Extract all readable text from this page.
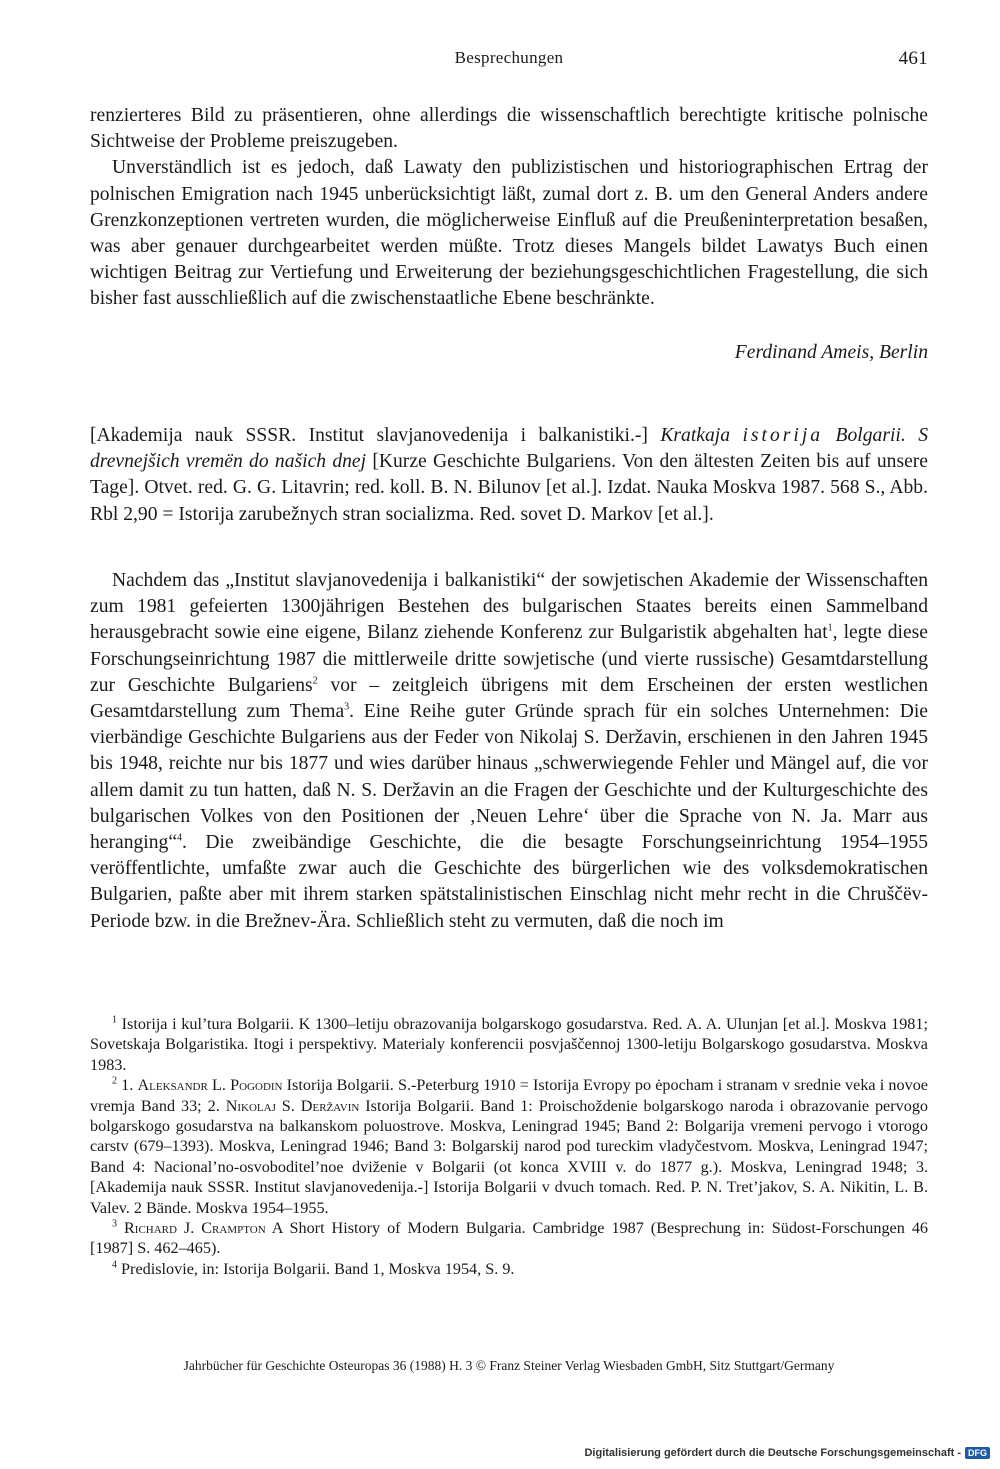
Besprechungen	461

renzierteres Bild zu präsentieren, ohne allerdings die wissenschaftlich berechtigte kritische polnische Sichtweise der Probleme preiszugeben.

Unverständlich ist es jedoch, daß Lawaty den publizistischen und historiographischen Ertrag der polnischen Emigration nach 1945 unberücksichtigt läßt, zumal dort z. B. um den General Anders andere Grenzkonzeptionen vertreten wurden, die möglicherweise Einfluß auf die Preußeninterpretation besaßen, was aber genauer durchgearbeitet werden müßte. Trotz dieses Mangels bildet Lawatys Buch einen wichtigen Beitrag zur Vertiefung und Erweiterung der beziehungsgeschichtlichen Fragestellung, die sich bisher fast ausschließlich auf die zwischenstaatliche Ebene beschränkte.

Ferdinand Ameis, Berlin

[Akademija nauk SSSR. Institut slavjanovedenija i balkanistiki.-] Kratkaja istorija Bolgarii. S drevnejšich vremën do našich dnej [Kurze Geschichte Bulgariens. Von den ältesten Zeiten bis auf unsere Tage]. Otvet. red. G. G. Litavrin; red. koll. B. N. Bilunov [et al.]. Izdat. Nauka Moskva 1987. 568 S., Abb. Rbl 2,90 = Istorija zarubežnych stran socializma. Red. sovet D. Markov [et al.].

Nachdem das „Institut slavjanovedenija i balkanistiki“ der sowjetischen Akademie der Wissenschaften zum 1981 gefeierten 1300jährigen Bestehen des bulgarischen Staates bereits einen Sammelband herausgebracht sowie eine eigene, Bilanz ziehende Konferenz zur Bulgaristik abgehalten hat$^1$, legte diese Forschungseinrichtung 1987 die mittlerweile dritte sowjetische (und vierte russische) Gesamtdarstellung zur Geschichte Bulgariens$^2$ vor – zeitgleich übrigens mit dem Erscheinen der ersten westlichen Gesamtdarstellung zum Thema$^3$. Eine Reihe guter Gründe sprach für ein solches Unternehmen: Die vierbändige Geschichte Bulgariens aus der Feder von Nikolaj S. Deržavin, erschienen in den Jahren 1945 bis 1948, reichte nur bis 1877 und wies darüber hinaus „schwerwiegende Fehler und Mängel auf, die vor allem damit zu tun hatten, daß N. S. Deržavin an die Fragen der Geschichte und der Kulturgeschichte des bulgarischen Volkes von den Positionen der ‚Neuen Lehre‘ über die Sprache von N. Ja. Marr aus heranging“$^4$. Die zweibändige Geschichte, die die besagte Forschungseinrichtung 1954–1955 veröffentlichte, umfaßte zwar auch die Geschichte des bürgerlichen wie des volksdemokratischen Bulgarien, paßte aber mit ihrem starken spätstalinistischen Einschlag nicht mehr recht in die Chruščëv-Periode bzw. in die Brežnev-Ära. Schließlich steht zu vermuten, daß die noch im

$^1$ Istorija i kul’tura Bolgarii. K 1300–letiju obrazovanija bolgarskogo gosudarstva. Red. A. A. Ulunjan [et al.]. Moskva 1981; Sovetskaja Bolgaristika. Itogi i perspektivy. Materialy konferencii posvjaščennoj 1300-letiju Bolgarskogo gosudarstva. Moskva 1983.

$^2$ 1. Aleksandr L. Pogodin Istorija Bolgarii. S.-Peterburg 1910 = Istorija Evropy po ėpocham i stranam v srednie veka i novoe vremja Band 33; 2. Nikolaj S. Deržavin Istorija Bolgarii. Band 1: Proischoždenie bolgarskogo naroda i obrazovanie pervogo bolgarskogo gosudarstva na balkanskom poluostrove. Moskva, Leningrad 1945; Band 2: Bolgarija vremeni pervogo i vtorogo carstv (679–1393). Moskva, Leningrad 1946; Band 3: Bolgarskij narod pod tureckim vladyčestvom. Moskva, Leningrad 1947; Band 4: Nacional’no-osvoboditel’noe dviženie v Bolgarii (ot konca XVIII v. do 1877 g.). Moskva, Leningrad 1948; 3. [Akademija nauk SSSR. Institut slavjanovedenija.-] Istorija Bolgarii v dvuch tomach. Red. P. N. Tret’jakov, S. A. Nikitin, L. B. Valev. 2 Bände. Moskva 1954–1955.

$^3$ Richard J. Crampton A Short History of Modern Bulgaria. Cambridge 1987 (Besprechung in: Südost-Forschungen 46 [1987] S. 462–465).

$^4$ Predislovie, in: Istorija Bolgarii. Band 1, Moskva 1954, S. 9.

Jahrbücher für Geschichte Osteuropas 36 (1988) H. 3 © Franz Steiner Verlag Wiesbaden GmbH, Sitz Stuttgart/Germany
Digitalisierung gefördert durch die Deutsche Forschungsgemeinschaft - DFG
